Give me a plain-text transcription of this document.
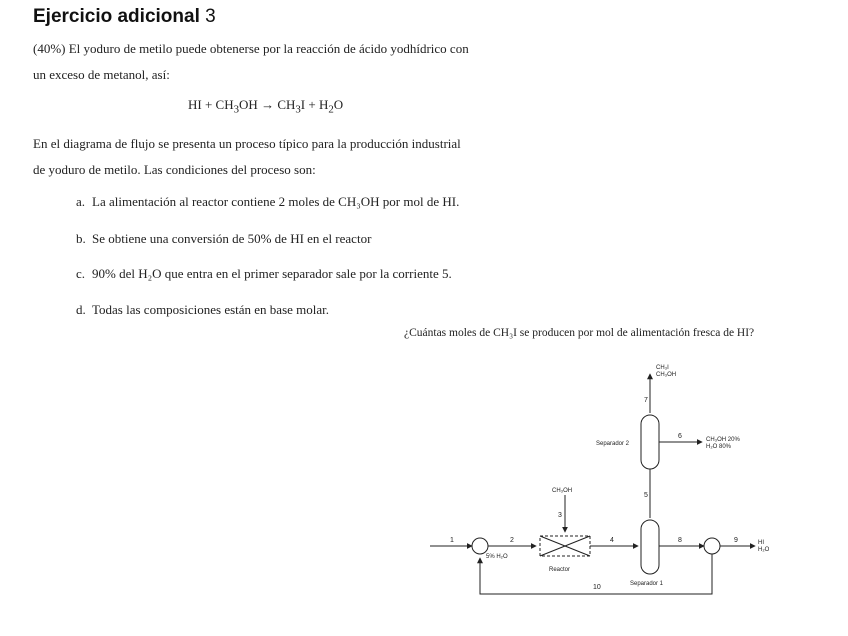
Ejercicio adicional 3
(40%) El yoduro de metilo puede obtenerse por la reacción de ácido yodhídrico con
un exceso de metanol, así:
HI + $CH_3OH \to CH_3I + H_2O$
En el diagrama de flujo se presenta un proceso típico para la producción industrial
de yoduro de metilo. Las condiciones del proceso son:
a. La alimentación al reactor contiene 2 moles de CH₃OH por mol de HI.
b. Se obtiene una conversión de 50% de HI en el reactor
c. 90% del H₂O que entra en el primer separador sale por la corriente 5.
d. Todas las composiciones están en base molar.
¿Cuántas moles de CH₃I se producen por mol de alimentación fresca de HI?
1	2
3
4
5
6
7
8	9
10
5% H₂O
Reactor
CH₃OH
Separador 1
Separador 2
CH₃I
CH₃OH
CH₃OH 20%
H₂O 80%
HI
H₂O
